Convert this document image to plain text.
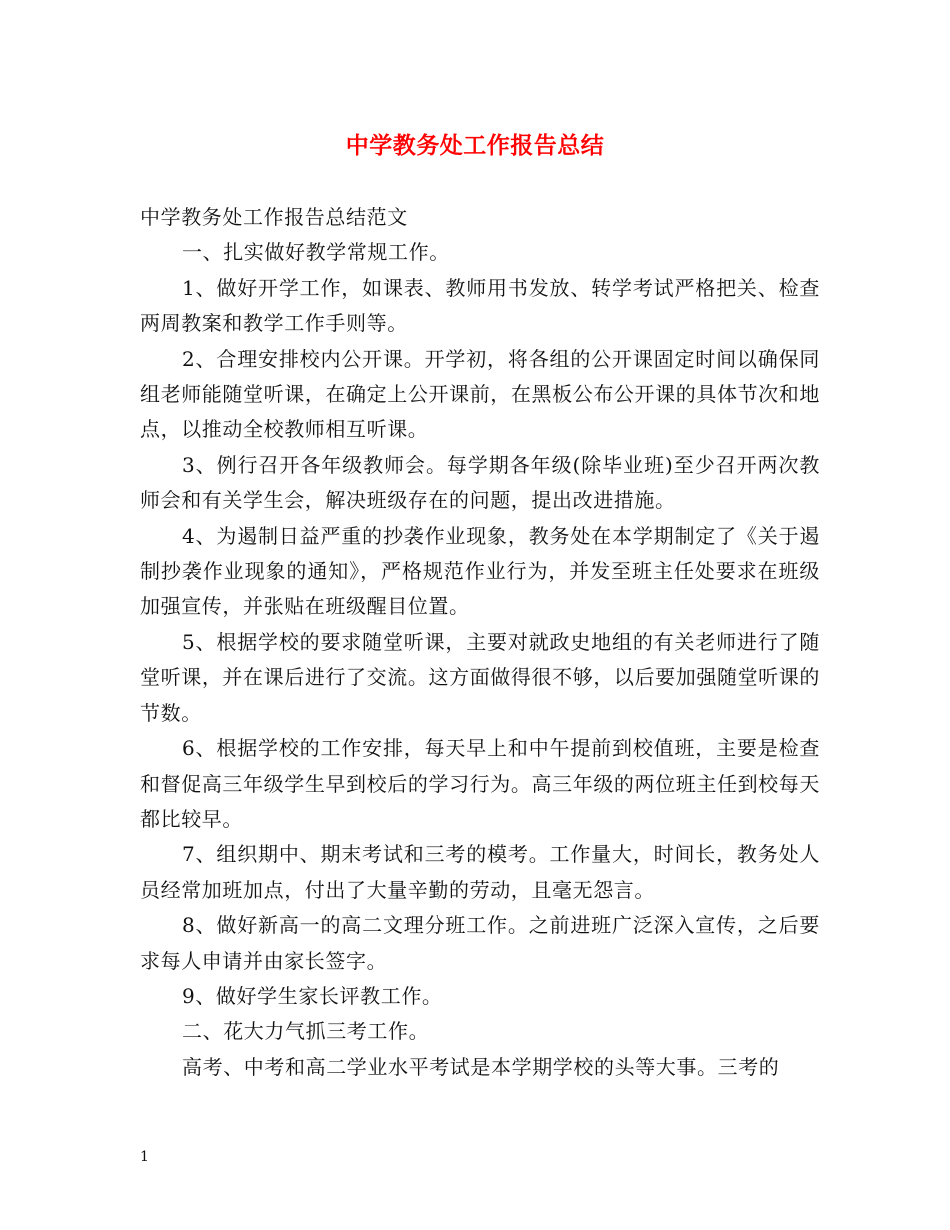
中学教务处工作报告总结

中学教务处工作报告总结范文

一、扎实做好教学常规工作。

1、做好开学工作，如课表、教师用书发放、转学考试严格把关、检查两周教案和教学工作手则等。

2、合理安排校内公开课。开学初，将各组的公开课固定时间以确保同组老师能随堂听课，在确定上公开课前，在黑板公布公开课的具体节次和地点，以推动全校教师相互听课。

3、例行召开各年级教师会。每学期各年级(除毕业班)至少召开两次教师会和有关学生会，解决班级存在的问题，提出改进措施。

4、为遏制日益严重的抄袭作业现象，教务处在本学期制定了《关于遏制抄袭作业现象的通知》，严格规范作业行为，并发至班主任处要求在班级加强宣传，并张贴在班级醒目位置。

5、根据学校的要求随堂听课，主要对就政史地组的有关老师进行了随堂听课，并在课后进行了交流。这方面做得很不够，以后要加强随堂听课的节数。

6、根据学校的工作安排，每天早上和中午提前到校值班，主要是检查和督促高三年级学生早到校后的学习行为。高三年级的两位班主任到校每天都比较早。

7、组织期中、期末考试和三考的模考。工作量大，时间长，教务处人员经常加班加点，付出了大量辛勤的劳动，且毫无怨言。

8、做好新高一的高二文理分班工作。之前进班广泛深入宣传，之后要求每人申请并由家长签字。

9、做好学生家长评教工作。

二、花大力气抓三考工作。

高考、中考和高二学业水平考试是本学期学校的头等大事。三考的

1
